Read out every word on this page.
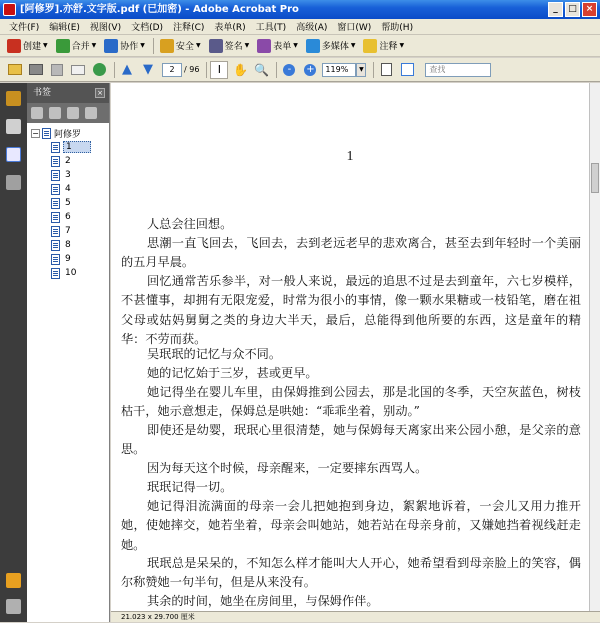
[阿修罗].亦舒.文字版.pdf (已加密) - Adobe Acrobat Pro	_	□ ×
文件(F)	编辑(E)	视图(V)	文档(D)	注释(C)	表单(R)	工具(T)	高级(A)	窗口(W)	帮助(H)
创建 ▼	合并 ▼	协作 ▼	安全 ▼	签名 ▼	表单 ▼	多媒体 ▼	注释 ▼
▲ ▼	2	/ 96 I ✋ 🔍	-	+	119%	▼
查找
书签	×
− 阿修罗
1
2
3
4
5
6
7
8
9
10
1

人总会往回想。

思潮一直飞回去，飞回去，去到老远老早的悲欢离合，甚至去到年轻时一个美丽的五月早晨。

回忆通常苦乐参半，对一般人来说，最远的追思不过是去到童年，六七岁模样，不甚懂事，却拥有无限宠爱，时常为很小的事情，像一颗水果糖或一枝铅笔，磨在祖父母或姑妈舅舅之类的身边大半天，最后，总能得到他所要的东西，这是童年的精华：不劳而获。

吴珉珉的记忆与众不同。

她的记忆始于三岁，甚或更早。

她记得坐在婴儿车里，由保姆推到公园去，那是北国的冬季，天空灰蓝色，树枝枯干，她示意想走，保姆总是哄她：“乖乖坐着，别动。”

即使还是幼婴，珉珉心里很清楚，她与保姆每天离家出来公园小憩，是父亲的意思。

因为每天这个时候，母亲醒来，一定要摔东西骂人。

珉珉记得一切。

她记得泪流满面的母亲一会儿把她抱到身边，絮絮地诉着，一会儿又用力推开她，使她摔交，她若坐着，母亲会叫她站，她若站在母亲身前，又嫌她挡着视线赶走她。

珉珉总是呆呆的，不知怎么样才能叫大人开心，她希望看到母亲脸上的笑容，偶尔称赞她一句半句，但是从来没有。

其余的时间，她坐在房间里，与保姆作伴。

21.023 x 29.700 厘米
